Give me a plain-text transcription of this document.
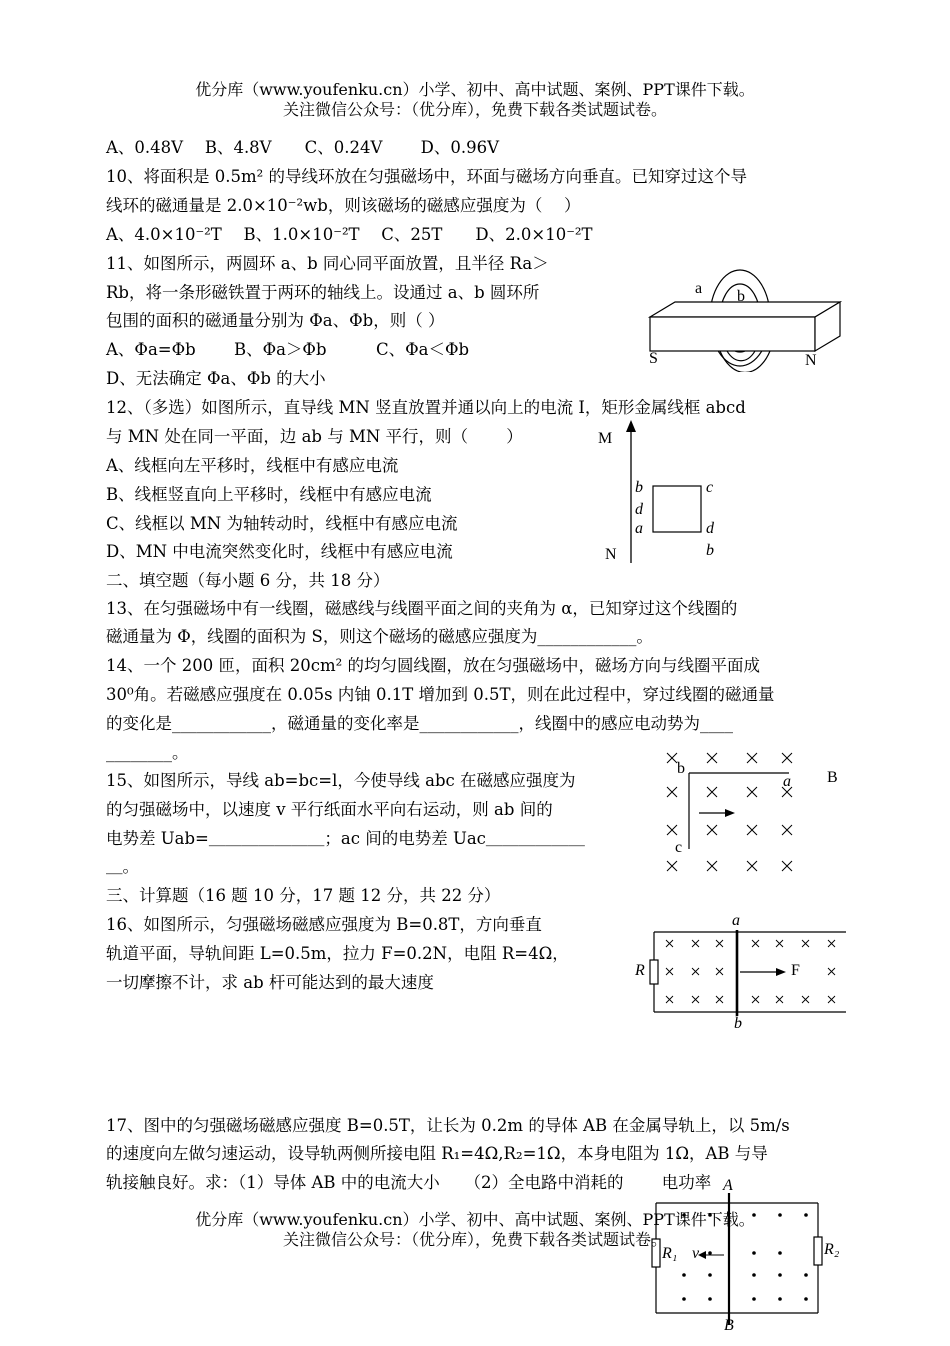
优分库（www.youfenku.cn）小学、初中、高中试题、案例、PPT课件下载。
关注微信公众号：（优分库），免费下载各类试题试卷。
A、0.48V　 B、4.8V　　C、0.24V　　 D、0.96V
10、将面积是 0.5m² 的导线环放在匀强磁场中，环面与磁场方向垂直。已知穿过这个导
线环的磁通量是 2.0×10⁻²wb，则该磁场的磁感应强度为（　 ）
A、4.0×10⁻²T　 B、1.0×10⁻²T　 C、25T　　D、2.0×10⁻²T
11、如图所示，两圆环 a、b 同心同平面放置，且半径 Ra＞
Rb，将一条形磁铁置于两环的轴线上。设通过 a、b 圆环所
包围的面积的磁通量分别为 Φa、Φb，则（ ）
A、Φa=Φb　　 B、Φa＞Φb　　　C、Φa＜Φb
D、无法确定 Φa、Φb 的大小
a b
S	N
12、（多选）如图所示，直导线 MN 竖直放置并通以向上的电流 I，矩形金属线框 abcd
与 MN 处在同一平面，边 ab 与 MN 平行，则（　　 ）
A、线框向左平移时，线框中有感应电流
B、线框竖直向上平移时，线框中有感应电流
C、线框以 MN 为轴转动时，线框中有感应电流
D、MN 中电流突然变化时，线框中有感应电流
M
N
b
d
a
c
d
b
二、填空题（每小题 6 分，共 18 分）
13、在匀强磁场中有一线圈，磁感线与线圈平面之间的夹角为 α，已知穿过这个线圈的
磁通量为 Φ，线圈的面积为 S，则这个磁场的磁感应强度为____________。
14、一个 200 匝，面积 20cm² 的均匀圆线圈，放在匀强磁场中，磁场方向与线圈平面成
30⁰角。若磁感应强度在 0.05s 内铀 0.1T 增加到 0.5T，则在此过程中，穿过线圈的磁通量
的变化是____________，磁通量的变化率是____________，线圈中的感应电动势为____
________。
15、如图所示，导线 ab=bc=l，今使导线 abc 在磁感应强度为
的匀强磁场中，以速度 v 平行纸面水平向右运动，则 ab 间的
电势差 Uab=＿＿＿＿＿＿＿；ac 间的电势差 Uac＿＿＿＿＿＿
＿。
b
a
c
B
三、计算题（16 题 10 分，17 题 12 分，共 22 分）
16、如图所示，匀强磁场磁感应强度为 B=0.8T，方向垂直
轨道平面，导轨间距 L=0.5m，拉力 F=0.2N，电阻 R=4Ω，
一切摩擦不计，求 ab 杆可能达到的最大速度
a
b
R	F
17、图中的匀强磁场磁感应强度 B=0.5T，让长为 0.2m 的导体 AB 在金属导轨上，以 5m/s
的速度向左做匀速运动，设导轨两侧所接电阻 R₁=4Ω,R₂=1Ω，本身电阻为 1Ω，AB 与导
轨接触良好。求：（1）导体 AB 中的电流大小　　（2）全电路中消耗的　　 电功率 A
B
R₁	R₂
v
优分库（www.youfenku.cn）小学、初中、高中试题、案例、PPT课件下载。
关注微信公众号：（优分库），免费下载各类试题试卷。
